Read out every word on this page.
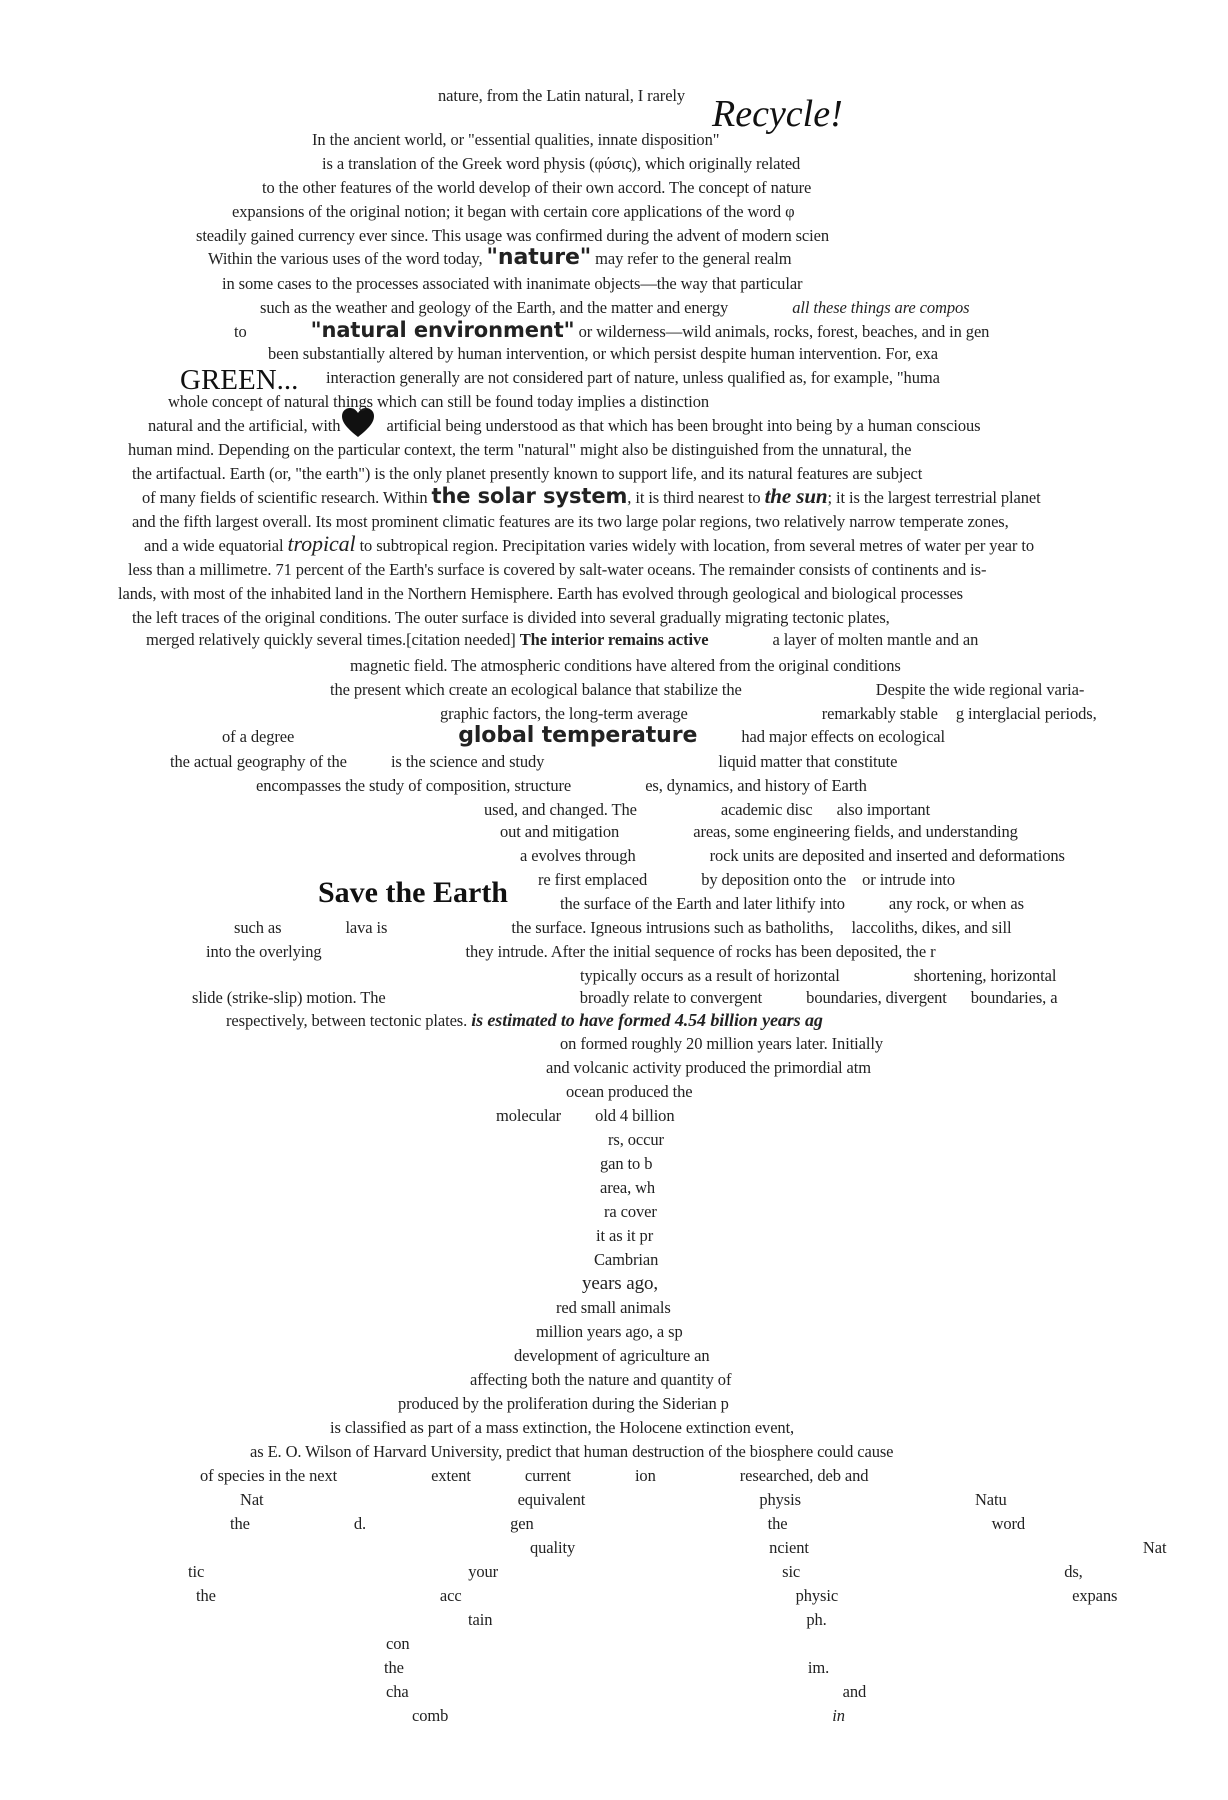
Recycle!
GREEN...
Save the Earth
nature, from the Latin natural, I rarely
In the ancient world, or "essential qualities, innate disposition"
is a translation of the Greek word physis (φύσις), which originally related
to the other features of the world develop of their own accord. The concept of nature
expansions of the original notion; it began with certain core applications of the word φ
steadily gained currency ever since. This usage was confirmed during the advent of modern scien
Within the various uses of the word today, "nature" may refer to the general realm
in some cases to the processes associated with inanimate objects—the way that particular
such as the weather and geology of the Earth, and the matter and energy	all these things are compos
to	"natural environment" or wilderness—wild animals, rocks, forest, beaches, and in gen
been substantially altered by human intervention, or which persist despite human intervention. For, exa
interaction generally are not considered part of nature, unless qualified as, for example, "huma
whole concept of natural things which can still be found today implies a distinction
natural and the artificial, with	artificial being understood as that which has been brought into being by a human conscious
human mind. Depending on the particular context, the term "natural" might also be distinguished from the unnatural, the
the artifactual. Earth (or, "the earth") is the only planet presently known to support life, and its natural features are subject
of many fields of scientific research. Within the solar system, it is third nearest to the sun; it is the largest terrestrial planet
and the fifth largest overall. Its most prominent climatic features are its two large polar regions, two relatively narrow temperate zones,
and a wide equatorial tropical to subtropical region. Precipitation varies widely with location, from several metres of water per year to
less than a millimetre. 71 percent of the Earth's surface is covered by salt-water oceans. The remainder consists of continents and is-
lands, with most of the inhabited land in the Northern Hemisphere. Earth has evolved through geological and biological processes
the left traces of the original conditions. The outer surface is divided into several gradually migrating tectonic plates,
merged relatively quickly several times.[citation needed] The interior remains active	a layer of molten mantle and an
magnetic field. The atmospheric conditions have altered from the original conditions
the present which create an ecological balance that stabilize the	Despite the wide regional varia-
graphic factors, the long-term average	remarkably stable g interglacial periods,
of a degree	global temperature	had major effects on ecological
the actual geography of the	is the science and study	liquid matter that constitute
encompasses the study of composition, structure	es, dynamics, and history of Earth
used, and changed. The	academic disc also important
out and mitigation	areas, some engineering fields, and understanding
a evolves through	rock units are deposited and inserted and deformations
re first emplaced	by deposition onto the or intrude into
the surface of the Earth and later lithify into	any rock, or when as
such as	lava is	the surface. Igneous intrusions such as batholiths, laccoliths, dikes, and sill
into the overlying	they intrude. After the initial sequence of rocks has been deposited, the r
typically occurs as a result of horizontal	shortening, horizontal
slide (strike-slip) motion. The	broadly relate to convergent	boundaries, divergent boundaries, a
respectively, between tectonic plates. is estimated to have formed 4.54 billion years ag
on formed roughly 20 million years later. Initially
and volcanic activity produced the primordial atm
ocean produced the
molecular old 4 billion
rs, occur
gan to b
area, wh
ra cover
it as it pr
Cambrian
years ago,
red small animals
million years ago, a sp
development of agriculture an
affecting both the nature and quantity of
produced by the proliferation during the Siderian p
is classified as part of a mass extinction, the Holocene extinction event,
as E. O. Wilson of Harvard University, predict that human destruction of the biosphere could cause
of species in the next	extent	current	ion	researched, deb and
Nat	equivalent	physis	Natu
the	d.	gen	the	word
quality	ncient	Nat
tic	your	sic	ds,
the	acc	physic	expans
tain	ph.
con
the	im.
cha	and
comb	in
